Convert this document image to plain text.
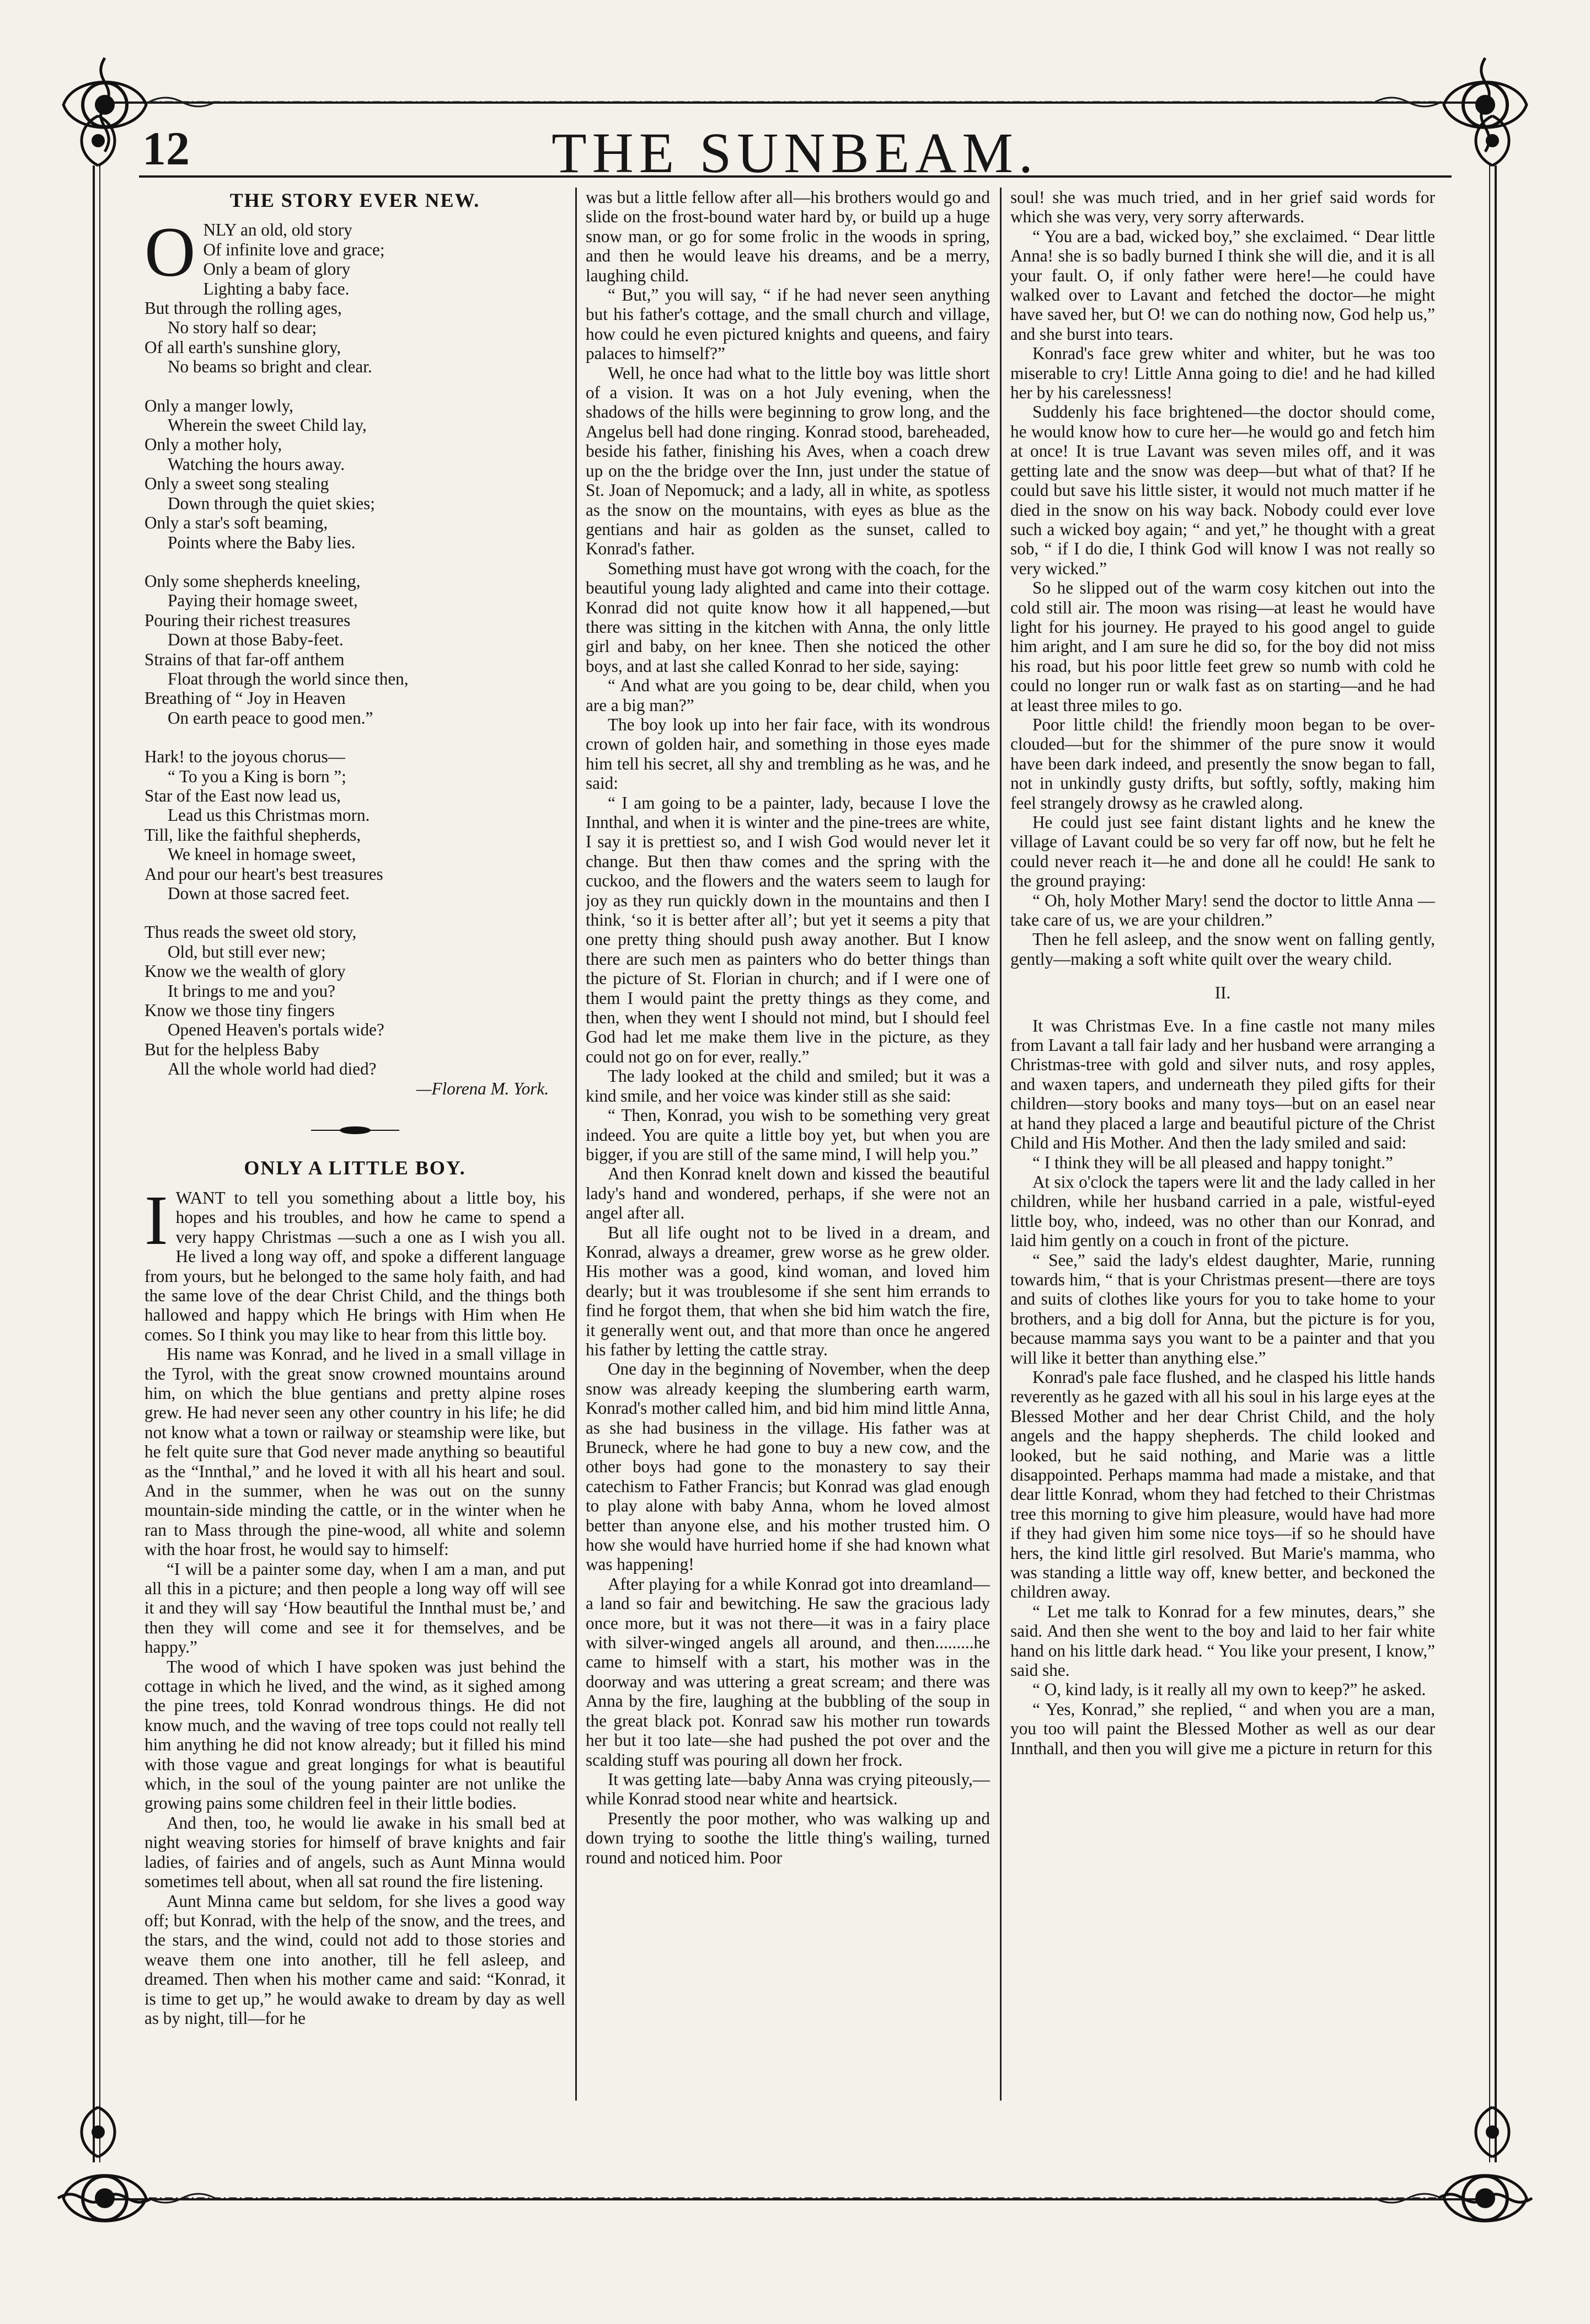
12	THE SUNBEAM.
THE STORY EVER NEW.
O NLY an old, old story
Of infinite love and grace;
Only a beam of glory
Lighting a baby face.
But through the rolling ages,
No story half so dear;
Of all earth's sunshine glory,
No beams so bright and clear.
Only a manger lowly,
Wherein the sweet Child lay,
Only a mother holy,
Watching the hours away.
Only a sweet song stealing
Down through the quiet skies;
Only a star's soft beaming,
Points where the Baby lies.
Only some shepherds kneeling,
Paying their homage sweet,
Pouring their richest treasures
Down at those Baby-feet.
Strains of that far-off anthem
Float through the world since then,
Breathing of “ Joy in Heaven
On earth peace to good men.”
Hark! to the joyous chorus—
“ To you a King is born ”;
Star of the East now lead us,
Lead us this Christmas morn.
Till, like the faithful shepherds,
We kneel in homage sweet,
And pour our heart's best treasures
Down at those sacred feet.
Thus reads the sweet old story,
Old, but still ever new;
Know we the wealth of glory
It brings to me and you?
Know we those tiny fingers
Opened Heaven's portals wide?
But for the helpless Baby
All the whole world had died?

—Florena M. York.

ONLY A LITTLE BOY.

IWANT to tell you something about a little boy, his hopes and his troubles, and how he came to spend a very happy Christmas —such a one as I wish you all. He lived a long way off, and spoke a different language from yours, but he belonged to the same holy faith, and had the same love of the dear Christ Child, and the things both hallowed and happy which He brings with Him when He comes. So I think you may like to hear from this little boy.

His name was Konrad, and he lived in a small village in the Tyrol, with the great snow crowned mountains around him, on which the blue gentians and pretty alpine roses grew. He had never seen any other country in his life; he did not know what a town or railway or steamship were like, but he felt quite sure that God never made anything so beautiful as the “Innthal,” and he loved it with all his heart and soul. And in the summer, when he was out on the sunny mountain-side minding the cattle, or in the winter when he ran to Mass through the pine-wood, all white and solemn with the hoar frost, he would say to himself:

“I will be a painter some day, when I am a man, and put all this in a picture; and then people a long way off will see it and they will say ‘How beautiful the Innthal must be,’ and then they will come and see it for themselves, and be happy.”

The wood of which I have spoken was just behind the cottage in which he lived, and the wind, as it sighed among the pine trees, told Konrad wondrous things. He did not know much, and the waving of tree tops could not really tell him anything he did not know already; but it filled his mind with those vague and great longings for what is beautiful which, in the soul of the young painter are not unlike the growing pains some children feel in their little bodies.

And then, too, he would lie awake in his small bed at night weaving stories for himself of brave knights and fair ladies, of fairies and of angels, such as Aunt Minna would sometimes tell about, when all sat round the fire listening.

Aunt Minna came but seldom, for she lives a good way off; but Konrad, with the help of the snow, and the trees, and the stars, and the wind, could not add to those stories and weave them one into another, till he fell asleep, and dreamed. Then when his mother came and said: “Konrad, it is time to get up,” he would awake to dream by day as well as by night, till—for he

was but a little fellow after all—his brothers would go and slide on the frost-bound water hard by, or build up a huge snow man, or go for some frolic in the woods in spring, and then he would leave his dreams, and be a merry, laughing child.

“ But,” you will say, “ if he had never seen anything but his father's cottage, and the small church and village, how could he even pictured knights and queens, and fairy palaces to himself?”

Well, he once had what to the little boy was little short of a vision. It was on a hot July evening, when the shadows of the hills were beginning to grow long, and the Angelus bell had done ringing. Konrad stood, bareheaded, beside his father, finishing his Aves, when a coach drew up on the the bridge over the Inn, just under the statue of St. Joan of Nepomuck; and a lady, all in white, as spotless as the snow on the mountains, with eyes as blue as the gentians and hair as golden as the sunset, called to Konrad's father.

Something must have got wrong with the coach, for the beautiful young lady alighted and came into their cottage. Konrad did not quite know how it all happened,—but there was sitting in the kitchen with Anna, the only little girl and baby, on her knee. Then she noticed the other boys, and at last she called Konrad to her side, saying:

“ And what are you going to be, dear child, when you are a big man?”

The boy look up into her fair face, with its wondrous crown of golden hair, and something in those eyes made him tell his secret, all shy and trembling as he was, and he said:

“ I am going to be a painter, lady, because I love the Innthal, and when it is winter and the pine-trees are white, I say it is prettiest so, and I wish God would never let it change. But then thaw comes and the spring with the cuckoo, and the flowers and the waters seem to laugh for joy as they run quickly down in the mountains and then I think, ‘so it is better after all’; but yet it seems a pity that one pretty thing should push away another. But I know there are such men as painters who do better things than the picture of St. Florian in church; and if I were one of them I would paint the pretty things as they come, and then, when they went I should not mind, but I should feel God had let me make them live in the picture, as they could not go on for ever, really.”

The lady looked at the child and smiled; but it was a kind smile, and her voice was kinder still as she said:

“ Then, Konrad, you wish to be something very great indeed. You are quite a little boy yet, but when you are bigger, if you are still of the same mind, I will help you.”

And then Konrad knelt down and kissed the beautiful lady's hand and wondered, perhaps, if she were not an angel after all.

But all life ought not to be lived in a dream, and Konrad, always a dreamer, grew worse as he grew older. His mother was a good, kind woman, and loved him dearly; but it was troublesome if she sent him errands to find he forgot them, that when she bid him watch the fire, it generally went out, and that more than once he angered his father by letting the cattle stray.

One day in the beginning of November, when the deep snow was already keeping the slumbering earth warm, Konrad's mother called him, and bid him mind little Anna, as she had business in the village. His father was at Bruneck, where he had gone to buy a new cow, and the other boys had gone to the monastery to say their catechism to Father Francis; but Konrad was glad enough to play alone with baby Anna, whom he loved almost better than anyone else, and his mother trusted him. O how she would have hurried home if she had known what was happening!

After playing for a while Konrad got into dreamland—a land so fair and bewitching. He saw the gracious lady once more, but it was not there—it was in a fairy place with silver-winged angels all around, and then.........he came to himself with a start, his mother was in the doorway and was uttering a great scream; and there was Anna by the fire, laughing at the bubbling of the soup in the great black pot. Konrad saw his mother run towards her but it too late—she had pushed the pot over and the scalding stuff was pouring all down her frock.

It was getting late—baby Anna was crying piteously,—while Konrad stood near white and heartsick.

Presently the poor mother, who was walking up and down trying to soothe the little thing's wailing, turned round and noticed him. Poor

soul! she was much tried, and in her grief said words for which she was very, very sorry afterwards.

“ You are a bad, wicked boy,” she exclaimed. “ Dear little Anna! she is so badly burned I think she will die, and it is all your fault. O, if only father were here!—he could have walked over to Lavant and fetched the doctor—he might have saved her, but O! we can do nothing now, God help us,” and she burst into tears.

Konrad's face grew whiter and whiter, but he was too miserable to cry! Little Anna going to die! and he had killed her by his carelessness!

Suddenly his face brightened—the doctor should come, he would know how to cure her—he would go and fetch him at once! It is true Lavant was seven miles off, and it was getting late and the snow was deep—but what of that? If he could but save his little sister, it would not much matter if he died in the snow on his way back. Nobody could ever love such a wicked boy again; “ and yet,” he thought with a great sob, “ if I do die, I think God will know I was not really so very wicked.”

So he slipped out of the warm cosy kitchen out into the cold still air. The moon was rising—at least he would have light for his journey. He prayed to his good angel to guide him aright, and I am sure he did so, for the boy did not miss his road, but his poor little feet grew so numb with cold he could no longer run or walk fast as on starting—and he had at least three miles to go.

Poor little child! the friendly moon began to be over-clouded—but for the shimmer of the pure snow it would have been dark indeed, and presently the snow began to fall, not in unkindly gusty drifts, but softly, softly, making him feel strangely drowsy as he crawled along.

He could just see faint distant lights and he knew the village of Lavant could be so very far off now, but he felt he could never reach it—he and done all he could! He sank to the ground praying:

“ Oh, holy Mother Mary! send the doctor to little Anna —take care of us, we are your children.”

Then he fell asleep, and the snow went on falling gently, gently—making a soft white quilt over the weary child.

II.

It was Christmas Eve. In a fine castle not many miles from Lavant a tall fair lady and her husband were arranging a Christmas-tree with gold and silver nuts, and rosy apples, and waxen tapers, and underneath they piled gifts for their children—story books and many toys—but on an easel near at hand they placed a large and beautiful picture of the Christ Child and His Mother. And then the lady smiled and said:

“ I think they will be all pleased and happy tonight.”

At six o'clock the tapers were lit and the lady called in her children, while her husband carried in a pale, wistful-eyed little boy, who, indeed, was no other than our Konrad, and laid him gently on a couch in front of the picture.

“ See,” said the lady's eldest daughter, Marie, running towards him, “ that is your Christmas present—there are toys and suits of clothes like yours for you to take home to your brothers, and a big doll for Anna, but the picture is for you, because mamma says you want to be a painter and that you will like it better than anything else.”

Konrad's pale face flushed, and he clasped his little hands reverently as he gazed with all his soul in his large eyes at the Blessed Mother and her dear Christ Child, and the holy angels and the happy shepherds. The child looked and looked, but he said nothing, and Marie was a little disappointed. Perhaps mamma had made a mistake, and that dear little Konrad, whom they had fetched to their Christmas tree this morning to give him pleasure, would have had more if they had given him some nice toys—if so he should have hers, the kind little girl resolved. But Marie's mamma, who was standing a little way off, knew better, and beckoned the children away.

“ Let me talk to Konrad for a few minutes, dears,” she said. And then she went to the boy and laid to her fair white hand on his little dark head. “ You like your present, I know,” said she.

“ O, kind lady, is it really all my own to keep?” he asked.

“ Yes, Konrad,” she replied, “ and when you are a man, you too will paint the Blessed Mother as well as our dear Innthall, and then you will give me a picture in return for this
